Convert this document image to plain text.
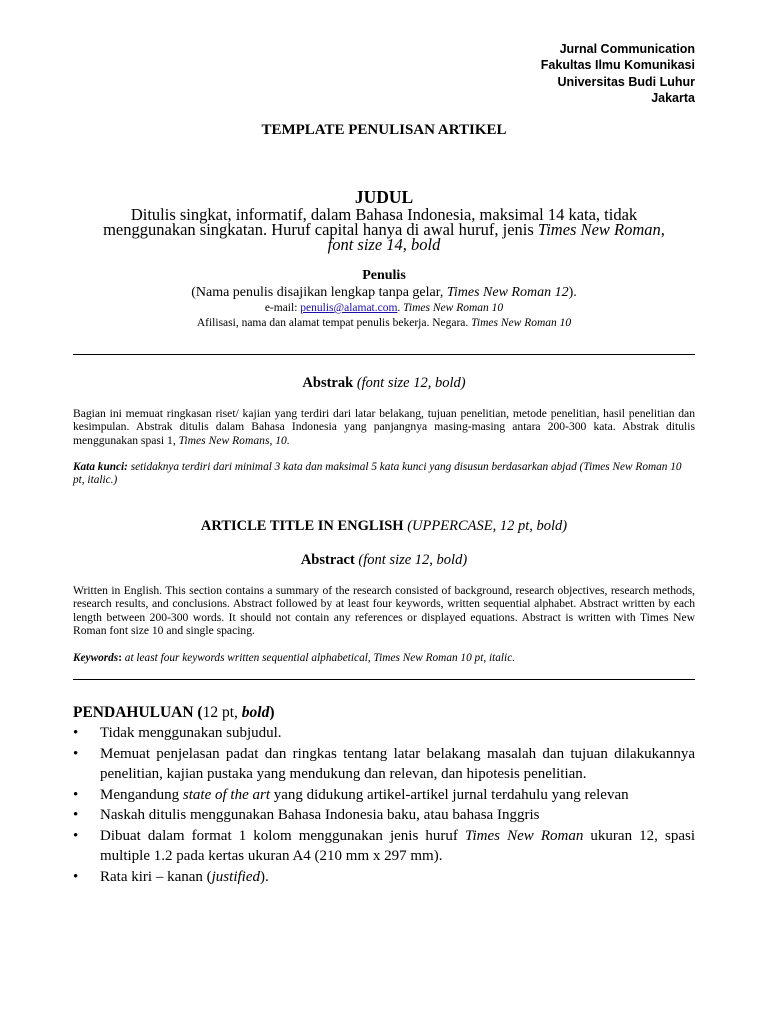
Jurnal Communication
Fakultas Ilmu Komunikasi
Universitas Budi Luhur
Jakarta
TEMPLATE PENULISAN ARTIKEL
JUDUL
Ditulis singkat, informatif, dalam Bahasa Indonesia, maksimal 14 kata, tidak menggunakan singkatan. Huruf capital hanya di awal huruf, jenis Times New Roman, font size 14, bold
Penulis
(Nama penulis disajikan lengkap tanpa gelar, Times New Roman 12).
e-mail: penulis@alamat.com. Times New Roman 10
Afilisasi, nama dan alamat tempat penulis bekerja. Negara. Times New Roman 10
Abstrak (font size 12, bold)
Bagian ini memuat ringkasan riset/ kajian yang terdiri dari latar belakang, tujuan penelitian, metode penelitian, hasil penelitian dan kesimpulan. Abstrak ditulis dalam Bahasa Indonesia yang panjangnya masing-masing antara 200-300 kata. Abstrak ditulis menggunakan spasi 1, Times New Romans, 10.
Kata kunci: setidaknya terdiri dari minimal 3 kata dan maksimal 5 kata kunci yang disusun berdasarkan abjad (Times New Roman 10 pt, italic.)
ARTICLE TITLE IN ENGLISH (UPPERCASE, 12 pt, bold)
Abstract (font size 12, bold)
Written in English. This section contains a summary of the research consisted of background, research objectives, research methods, research results, and conclusions. Abstract followed by at least four keywords, written sequential alphabet. Abstract written by each length between 200-300 words. It should not contain any references or displayed equations. Abstract is written with Times New Roman font size 10 and single spacing.
Keywords: at least four keywords written sequential alphabetical, Times New Roman 10 pt, italic.
PENDAHULUAN (12 pt, bold)
• Tidak menggunakan subjudul.
• Memuat penjelasan padat dan ringkas tentang latar belakang masalah dan tujuan dilakukannya penelitian, kajian pustaka yang mendukung dan relevan, dan hipotesis penelitian.
• Mengandung state of the art yang didukung artikel-artikel jurnal terdahulu yang relevan
• Naskah ditulis menggunakan Bahasa Indonesia baku, atau bahasa Inggris
• Dibuat dalam format 1 kolom menggunakan jenis huruf Times New Roman ukuran 12, spasi multiple 1.2 pada kertas ukuran A4 (210 mm x 297 mm).
• Rata kiri – kanan (justified).
